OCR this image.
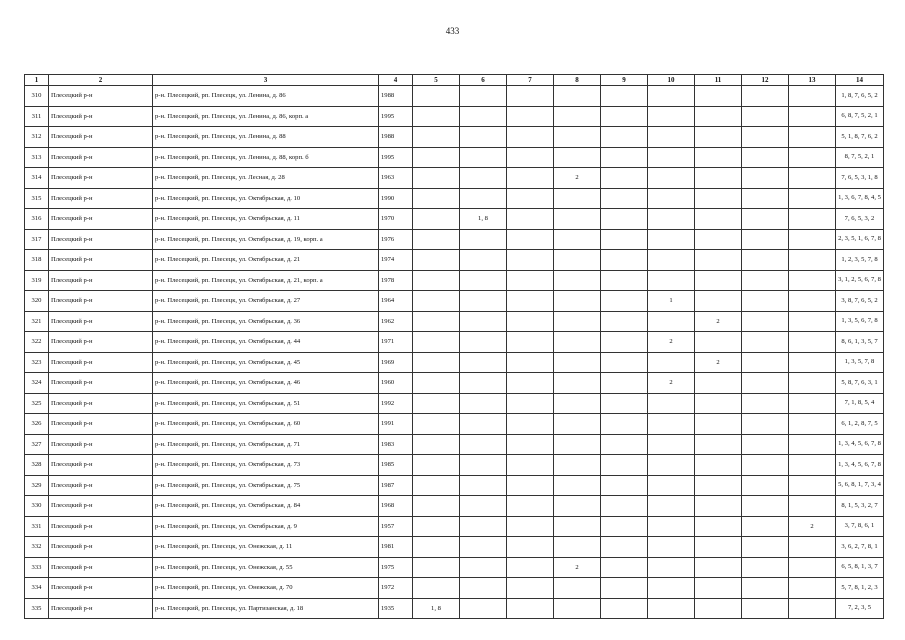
433
1	2	3	4	5	6	7	8	9	10	11	12	13	14
310	Плесецкий р-н	р-н. Плесецкий, рп. Плесецк, ул. Ленина, д. 86	1988										1, 8, 7, 6, 5, 2
311	Плесецкий р-н	р-н. Плесецкий, рп. Плесецк, ул. Ленина, д. 86, корп. а	1995										6, 8, 7, 5, 2, 1
312	Плесецкий р-н	р-н. Плесецкий, рп. Плесецк, ул. Ленина, д. 88	1988										5, 1, 8, 7, 6, 2
313	Плесецкий р-н	р-н. Плесецкий, рп. Плесецк, ул. Ленина, д. 88, корп. б	1995										8, 7, 5, 2, 1
314	Плесецкий р-н	р-н. Плесецкий, рп. Плесецк, ул. Лесная, д. 28	1963				2						7, 6, 5, 3, 1, 8
315	Плесецкий р-н	р-н. Плесецкий, рп. Плесецк, ул. Октябрьская, д. 10	1990										1, 3, 6, 7, 8, 4, 5
316	Плесецкий р-н	р-н. Плесецкий, рп. Плесецк, ул. Октябрьская, д. 11	1970		1, 8								7, 6, 5, 3, 2
317	Плесецкий р-н	р-н. Плесецкий, рп. Плесецк, ул. Октябрьская, д. 19, корп. а	1976										2, 3, 5, 1, 6, 7, 8
318	Плесецкий р-н	р-н. Плесецкий, рп. Плесецк, ул. Октябрьская, д. 21	1974										1, 2, 3, 5, 7, 8
319	Плесецкий р-н	р-н. Плесецкий, рп. Плесецк, ул. Октябрьская, д. 21, корп. а	1978										3, 1, 2, 5, 6, 7, 8
320	Плесецкий р-н	р-н. Плесецкий, рп. Плесецк, ул. Октябрьская, д. 27	1964						1				3, 8, 7, 6, 5, 2
321	Плесецкий р-н	р-н. Плесецкий, рп. Плесецк, ул. Октябрьская, д. 36	1962							2			1, 3, 5, 6, 7, 8
322	Плесецкий р-н	р-н. Плесецкий, рп. Плесецк, ул. Октябрьская, д. 44	1971						2				8, 6, 1, 3, 5, 7
323	Плесецкий р-н	р-н. Плесецкий, рп. Плесецк, ул. Октябрьская, д. 45	1969							2			1, 3, 5, 7, 8
324	Плесецкий р-н	р-н. Плесецкий, рп. Плесецк, ул. Октябрьская, д. 46	1960						2				5, 8, 7, 6, 3, 1
325	Плесецкий р-н	р-н. Плесецкий, рп. Плесецк, ул. Октябрьская, д. 51	1992										7, 1, 8, 5, 4
326	Плесецкий р-н	р-н. Плесецкий, рп. Плесецк, ул. Октябрьская, д. 60	1991										6, 1, 2, 8, 7, 5
327	Плесецкий р-н	р-н. Плесецкий, рп. Плесецк, ул. Октябрьская, д. 71	1983										1, 3, 4, 5, 6, 7, 8
328	Плесецкий р-н	р-н. Плесецкий, рп. Плесецк, ул. Октябрьская, д. 73	1985										1, 3, 4, 5, 6, 7, 8
329	Плесецкий р-н	р-н. Плесецкий, рп. Плесецк, ул. Октябрьская, д. 75	1987										5, 6, 8, 1, 7, 3, 4
330	Плесецкий р-н	р-н. Плесецкий, рп. Плесецк, ул. Октябрьская, д. 84	1968										8, 1, 5, 3, 2, 7
331	Плесецкий р-н	р-н. Плесецкий, рп. Плесецк, ул. Октябрьская, д. 9	1957									2	3, 7, 8, 6, 1
332	Плесецкий р-н	р-н. Плесецкий, рп. Плесецк, ул. Онежская, д. 11	1981										3, 6, 2, 7, 8, 1
333	Плесецкий р-н	р-н. Плесецкий, рп. Плесецк, ул. Онежская, д. 55	1975				2						6, 5, 8, 1, 3, 7
334	Плесецкий р-н	р-н. Плесецкий, рп. Плесецк, ул. Онежская, д. 70	1972										5, 7, 8, 1, 2, 3
335	Плесецкий р-н	р-н. Плесецкий, рп. Плесецк, ул. Партизанская, д. 18	1935	1, 8									7, 2, 3, 5
